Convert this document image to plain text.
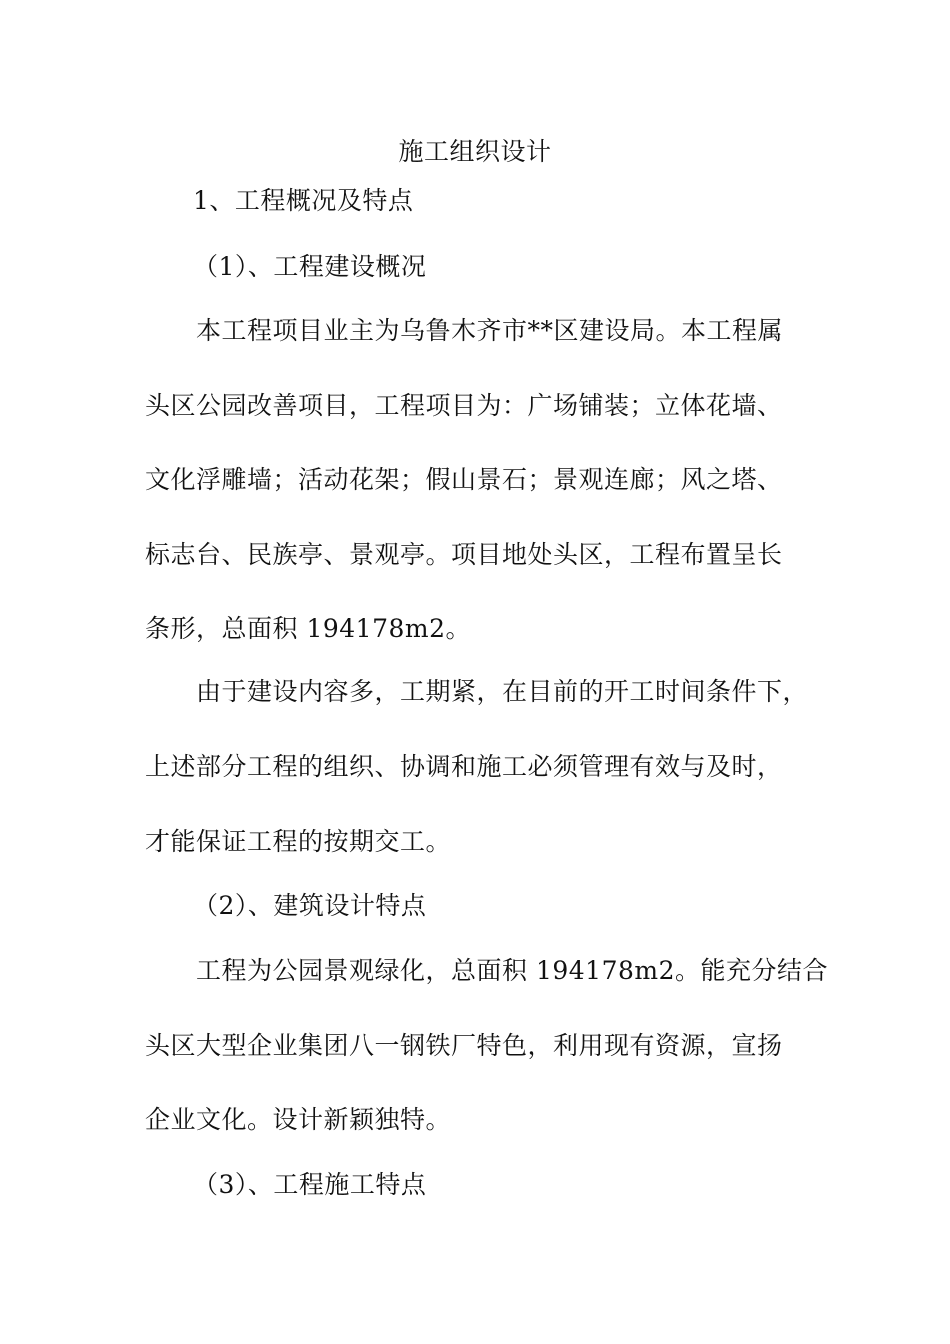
施工组织设计

1、工程概况及特点

（1）、工程建设概况

本工程项目业主为乌鲁木齐市**区建设局。本工程属

头区公园改善项目，工程项目为：广场铺装；立体花墙、

文化浮雕墙；活动花架；假山景石；景观连廊；风之塔、

标志台、民族亭、景观亭。项目地处头区，工程布置呈长

条形，总面积 194178m2。

由于建设内容多，工期紧，在目前的开工时间条件下，

上述部分工程的组织、协调和施工必须管理有效与及时，

才能保证工程的按期交工。

（2）、建筑设计特点

工程为公园景观绿化，总面积 194178m2。能充分结合

头区大型企业集团八一钢铁厂特色，利用现有资源，宣扬

企业文化。设计新颖独特。

（3）、工程施工特点
